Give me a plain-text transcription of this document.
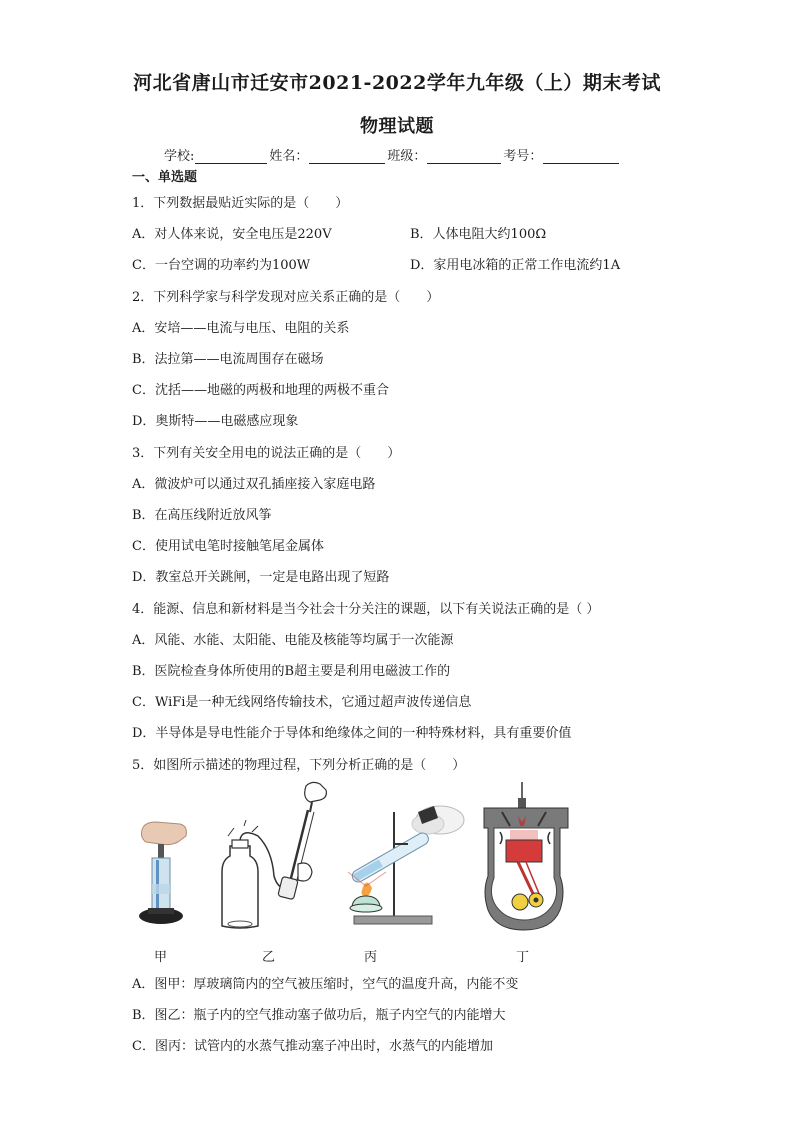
河北省唐山市迁安市2021-2022学年九年级（上）期末考试
物理试题
学校:	姓名：	班级：	考号：
一、单选题
1．下列数据最贴近实际的是（　　）
A．对人体来说，安全电压是220V	B．人体电阻大约100Ω
C．一台空调的功率约为100W	D．家用电冰箱的正常工作电流约1A
2．下列科学家与科学发现对应关系正确的是（　　）
A．安培——电流与电压、电阻的关系
B．法拉第——电流周围存在磁场
C．沈括——地磁的两极和地理的两极不重合
D．奥斯特——电磁感应现象
3．下列有关安全用电的说法正确的是（　　）
A．微波炉可以通过双孔插座接入家庭电路
B．在高压线附近放风筝
C．使用试电笔时接触笔尾金属体
D．教室总开关跳闸，一定是电路出现了短路
4．能源、信息和新材料是当今社会十分关注的课题，以下有关说法正确的是（ ）
A．风能、水能、太阳能、电能及核能等均属于一次能源
B．医院检查身体所使用的B超主要是利用电磁波工作的
C．WiFi是一种无线网络传输技术，它通过超声波传递信息
D．半导体是导电性能介于导体和绝缘体之间的一种特殊材料，具有重要价值
5．如图所示描述的物理过程，下列分析正确的是（　　）
甲	乙	丙	丁
A．图甲：厚玻璃筒内的空气被压缩时，空气的温度升高，内能不变
B．图乙：瓶子内的空气推动塞子做功后，瓶子内空气的内能增大
C．图丙：试管内的水蒸气推动塞子冲出时，水蒸气的内能增加
